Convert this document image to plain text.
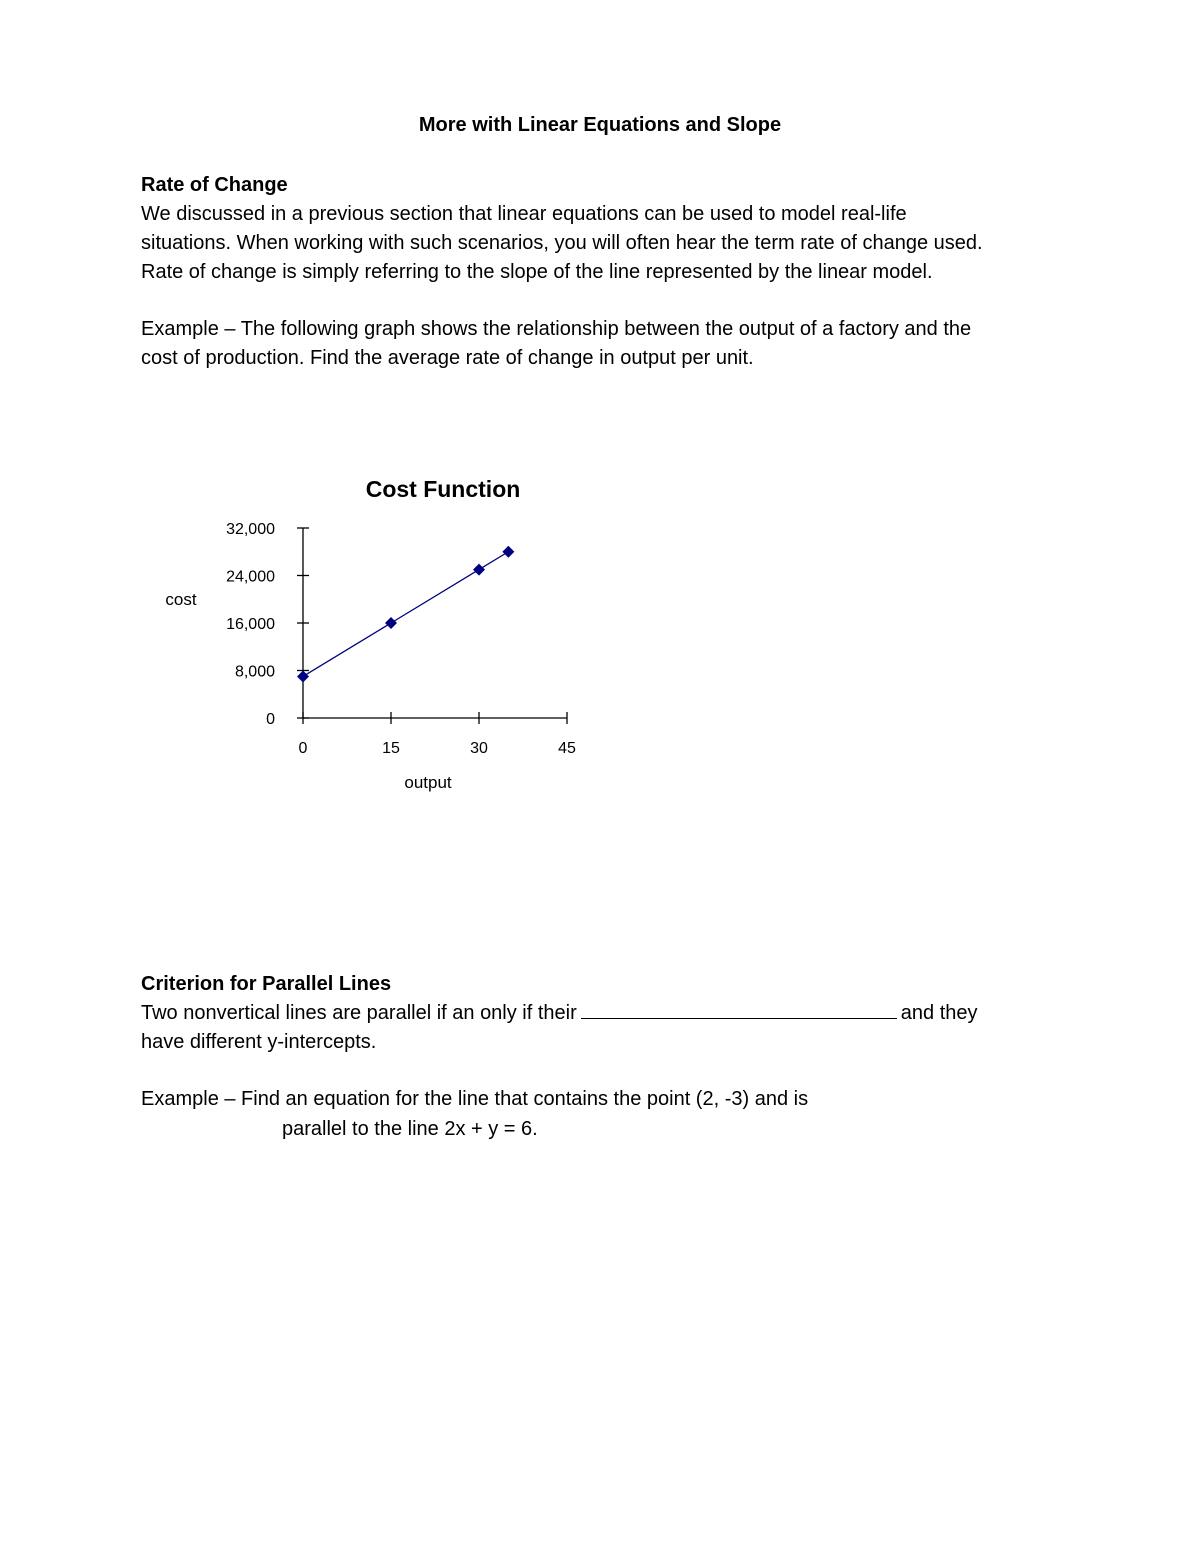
More with Linear Equations and Slope
Rate of Change
We discussed in a previous section that linear equations can be used to model real-life
situations. When working with such scenarios, you will often hear the term rate of change used.
Rate of change is simply referring to the slope of the line represented by the linear model.
Example – The following graph shows the relationship between the output of a factory and the
cost of production. Find the average rate of change in output per unit.
Cost Function
cost
output
0
8,000
16,000
24,000
32,000
0	15	30	45
Criterion for Parallel Lines
Two nonvertical lines are parallel if an only if their	and they
have different y-intercepts.
Example – Find an equation for the line that contains the point (2, -3) and is
parallel to the line 2x + y = 6.
